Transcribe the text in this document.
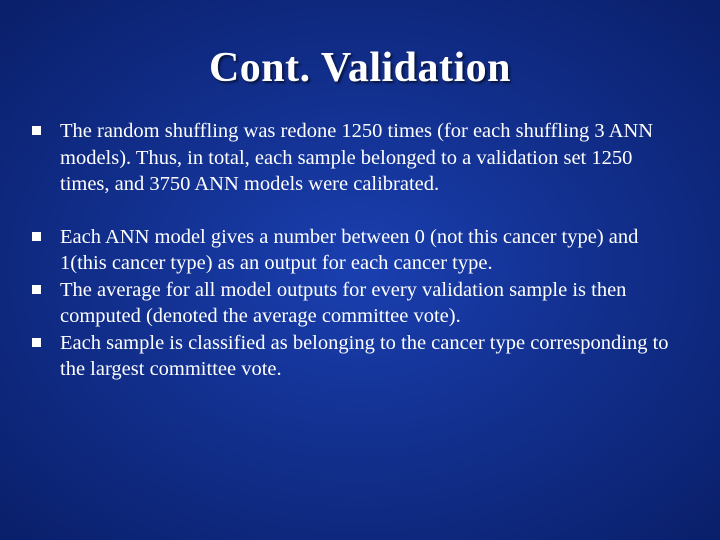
Cont. Validation
The random shuffling was redone 1250 times (for each shuffling 3 ANN models). Thus, in total, each sample belonged to a validation set 1250 times, and 3750 ANN models were calibrated.
Each ANN model gives a number between 0 (not this cancer type) and 1(this cancer type) as an output for each cancer type.
The average for all model outputs for every validation sample is then computed (denoted the average committee vote).
Each sample is classified as belonging to the cancer type corresponding to the largest committee vote.
